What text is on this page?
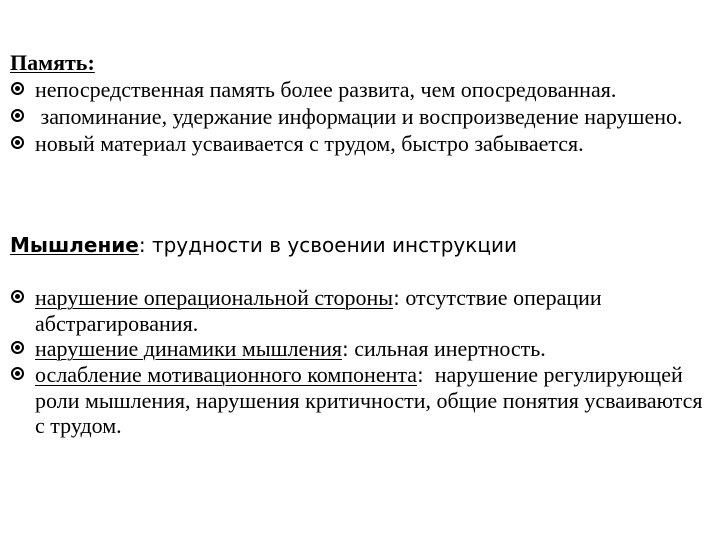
Память:
непосредственная память более развита, чем опосредованная.
запоминание, удержание информации и воспроизведение нарушено.
новый материал усваивается с трудом, быстро забывается.
Мышление: трудности в усвоении инструкции
нарушение операциональной стороны: отсутствие операции абстрагирования.
нарушение динамики мышления: сильная инертность.
ослабление мотивационного компонента:  нарушение регулирующей роли мышления, нарушения критичности, общие понятия усваиваются с трудом.
